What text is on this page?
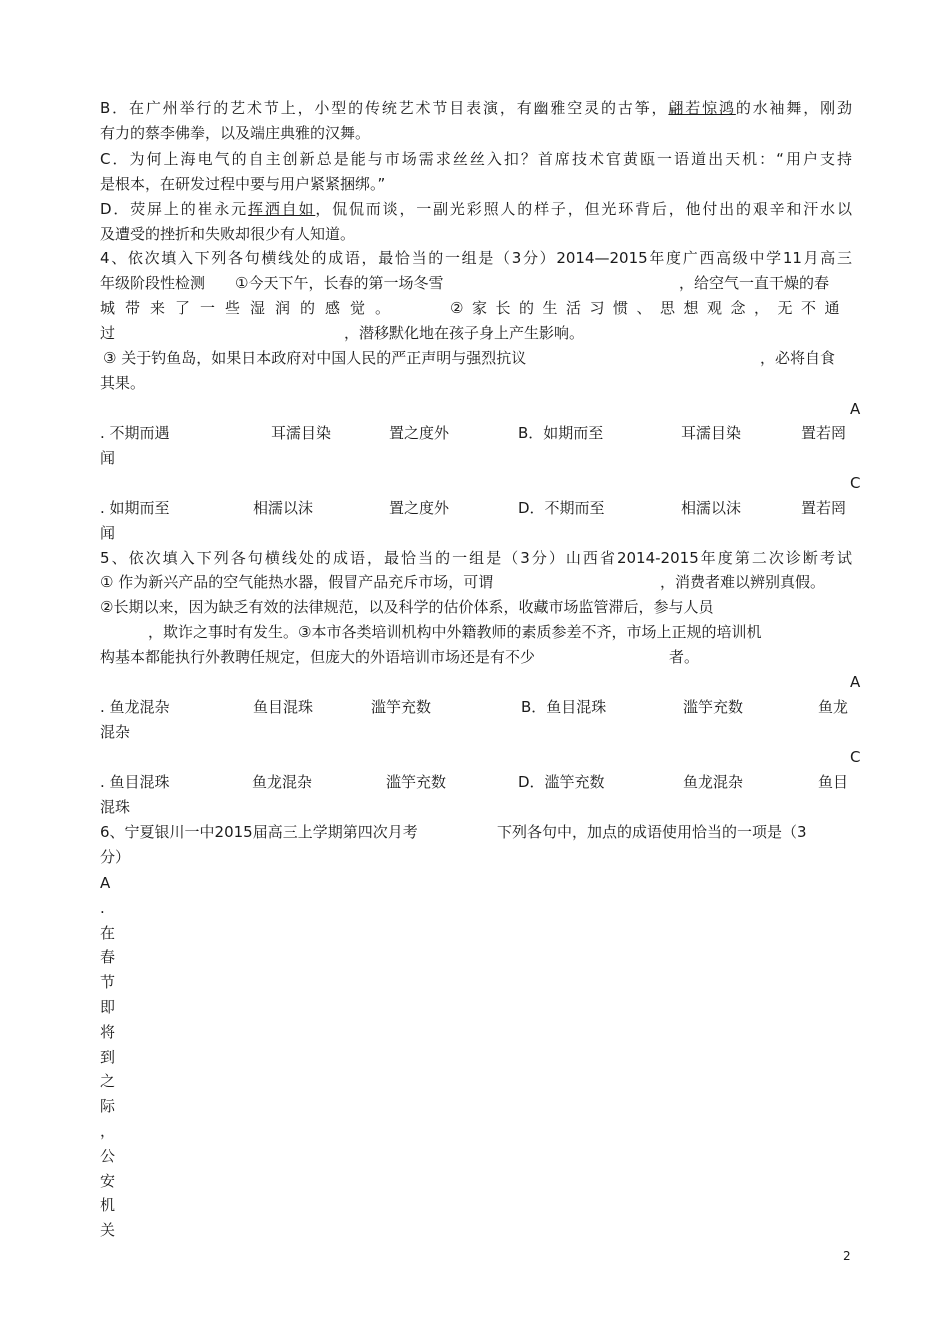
B．在广州举行的艺术节上，小型的传统艺术节目表演，有幽雅空灵的古筝，翩若惊鸿的水袖舞，刚劲
有力的蔡李佛拳，以及端庄典雅的汉舞。
C．为何上海电气的自主创新总是能与市场需求丝丝入扣？首席技术官黄瓯一语道出天机：“用户支持
是根本，在研发过程中要与用户紧紧捆绑。”
D．荧屏上的崔永元挥洒自如，侃侃而谈，一副光彩照人的样子，但光环背后，他付出的艰辛和汗水以
及遭受的挫折和失败却很少有人知道。
4、依次填入下列各句横线处的成语，最恰当的一组是（3分）2014—2015年度广西高级中学11月高三
年级阶段性检测　　①今天下午，长春的第一场冬雪	，给空气一直干燥的春
城带来了一些湿润的感觉。	②家长的生活习惯、思想观念，无不通
过	，潜移默化地在孩子身上产生影响。
③ 关于钓鱼岛，如果日本政府对中国人民的严正声明与强烈抗议	，必将自食
其果。
A
. 不期而遇	耳濡目染	置之度外	B．如期而至	耳濡目染	置若罔
闻
C
. 如期而至	相濡以沫	置之度外	D．不期而至	相濡以沫	置若罔
闻
5、依次填入下列各句横线处的成语，最恰当的一组是（3分）山西省2014-2015年度第二次诊断考试
① 作为新兴产品的空气能热水器，假冒产品充斥市场，可谓	，消费者难以辨别真假。
②长期以来，因为缺乏有效的法律规范，以及科学的估价体系，收藏市场监管滞后，参与人员
，欺诈之事时有发生。③本市各类培训机构中外籍教师的素质参差不齐，市场上正规的培训机
构基本都能执行外教聘任规定，但庞大的外语培训市场还是有不少	者。
A
. 鱼龙混杂	鱼目混珠	滥竽充数	B．鱼目混珠	滥竽充数	鱼龙
混杂
C
. 鱼目混珠	鱼龙混杂	滥竽充数	D．滥竽充数	鱼龙混杂	鱼目
混珠
6、宁夏银川一中2015届高三上学期第四次月考	下列各句中，加点的成语使用恰当的一项是（3
分）
A
.
在
春
节
即
将
到
之
际
，
公
安
机
关
2
